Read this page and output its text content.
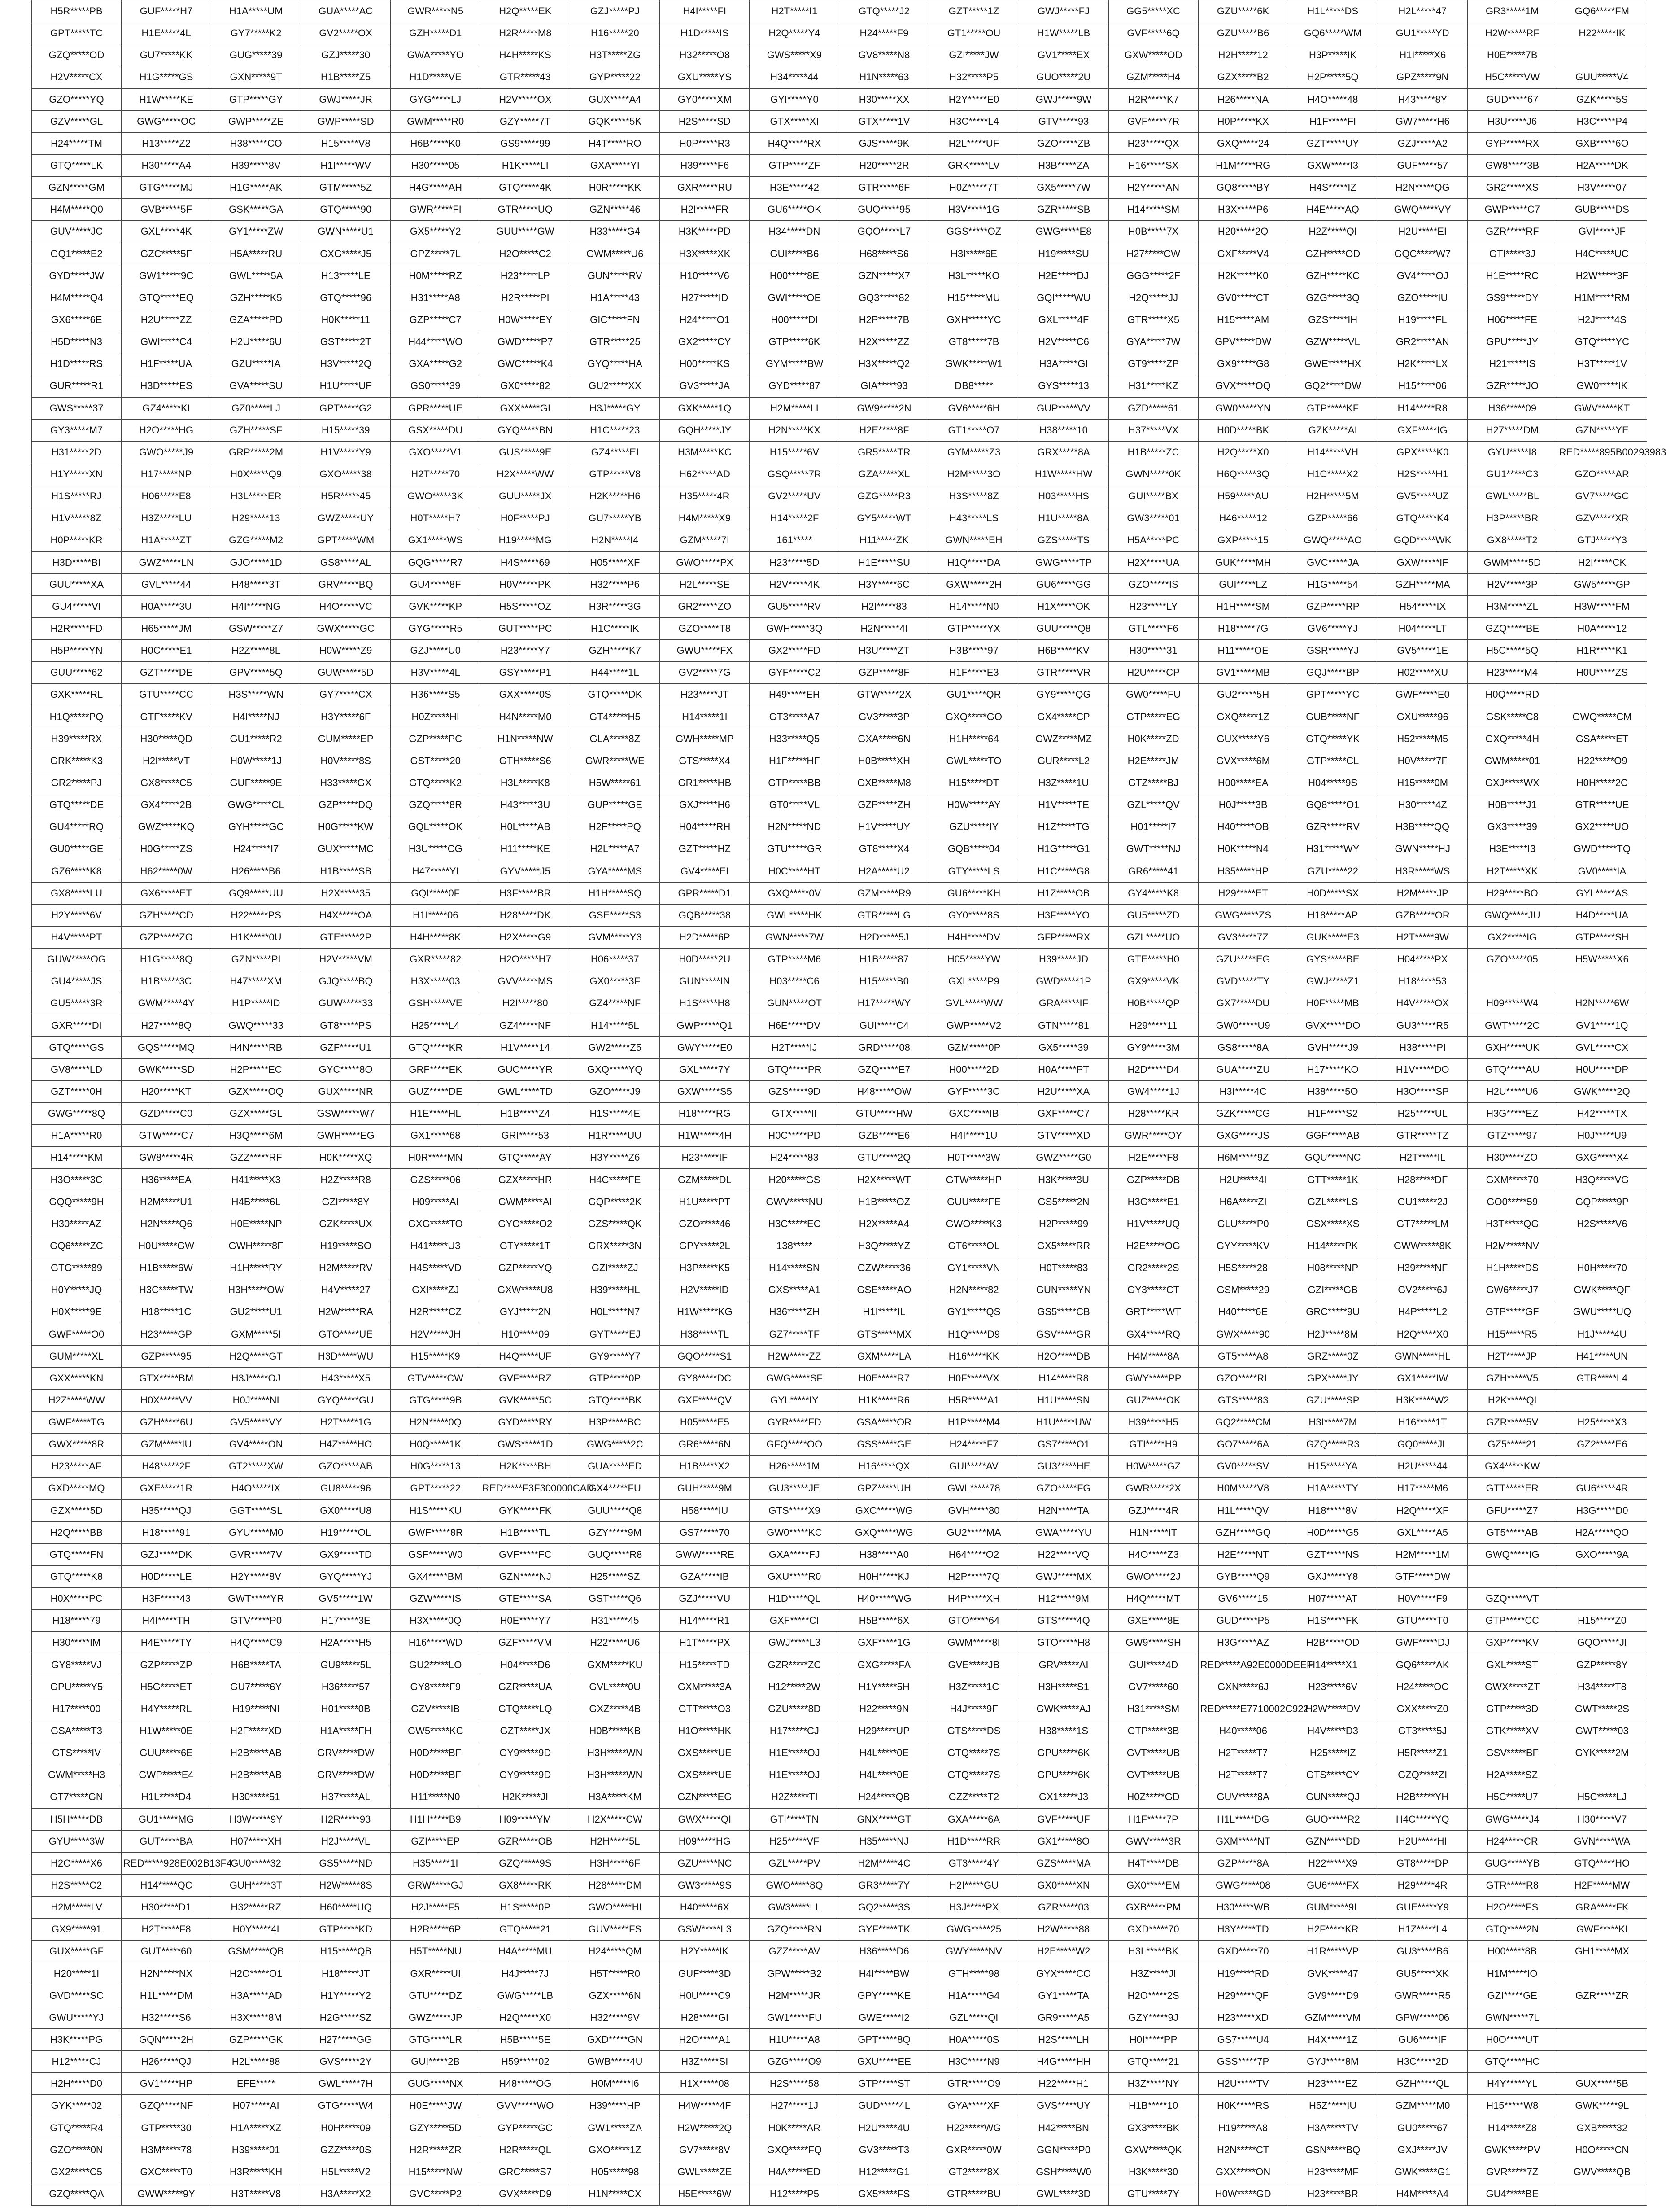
H5R*****PB	GUF*****H7	H1A*****UM	GUA*****AC	GWR*****N5	H2Q*****EK	GZJ*****PJ	H4I*****FI	H2T*****I1	GTQ*****J2	GZT*****1Z	GWJ*****FJ	GG5*****XC	GZU*****6K	H1L*****DS	H2L*****47	GR3*****1M	GQ6*****FM
GPT*****TC	H1E*****4L	GY7*****K2	GV2*****OX	GZH*****D1	H2R*****M8	H16*****20	H1D*****IS	H2Q*****Y4	H24*****F9	GT1*****OU	H1W*****LB	GVF*****6Q	GZU*****B6	GQ6*****WM	GU1*****YD	H2W*****RF	H22*****IK
GZQ*****OD	GU7*****KK	GUG*****39	GZJ*****30	GWA*****YO	H4H*****KS	H3T*****ZG	H32*****O8	GWS*****X9	GV8*****N8	GZI*****JW	GV1*****EX	GXW*****OD	H2H*****12	H3P*****IK	H1I*****X6	H0E*****7B	
H2V*****CX	H1G*****GS	GXN*****9T	H1B*****Z5	H1D*****VE	GTR*****43	GYP*****22	GXU*****YS	H34*****44	H1N*****63	H32*****P5	GUO*****2U	GZM*****H4	GZX*****B2	H2P*****5Q	GPZ*****9N	H5C*****VW	GUU*****V4
GZO*****YQ	H1W*****KE	GTP*****GY	GWJ*****JR	GYG*****LJ	H2V*****OX	GUX*****A4	GY0*****XM	GYI*****Y0	H30*****XX	H2Y*****E0	GWJ*****9W	H2R*****K7	H26*****NA	H4O*****48	H43*****8Y	GUD*****67	GZK*****5S
GZV*****GL	GWG*****OC	GWP*****ZE	GWP*****SD	GWM*****R0	GZY*****7T	GQK*****5K	H2S*****SD	GTX*****XI	GTX*****1V	H3C*****L4	GTV*****93	GVF*****7R	H0P*****KX	H1F*****FI	GW7*****H6	H3U*****J6	H3C*****P4
H24*****TM	H13*****Z2	H38*****CO	H15*****V8	H6B*****K0	GS9*****99	H4T*****RO	H0P*****R3	H4Q*****RX	GJS*****9K	H2L*****UF	GZO*****ZB	H23*****QX	GXQ*****24	GZT*****UY	GZJ*****A2	GYP*****RX	GXB*****6O
GTQ*****LK	H30*****A4	H39*****8V	H1I*****WV	H30*****05	H1K*****LI	GXA*****YI	H39*****F6	GTP*****ZF	H20*****2R	GRK*****LV	H3B*****ZA	H16*****SX	H1M*****RG	GXW*****I3	GUF*****57	GW8*****3B	H2A*****DK
GZN*****GM	GTG*****MJ	H1G*****AK	GTM*****5Z	H4G*****AH	GTQ*****4K	H0R*****KK	GXR*****RU	H3E*****42	GTR*****6F	H0Z*****7T	GX5*****7W	H2Y*****AN	GQ8*****BY	H4S*****IZ	H2N*****QG	GR2*****XS	H3V*****07
H4M*****Q0	GVB*****5F	GSK*****GA	GTQ*****90	GWR*****FI	GTR*****UQ	GZN*****46	H2I*****FR	GU6*****OK	GUQ*****95	H3V*****1G	GZR*****SB	H14*****SM	H3X*****P6	H4E*****AQ	GWQ*****VY	GWP*****C7	GUB*****DS
GUV*****JC	GXL*****4K	GY1*****ZW	GWN*****U1	GX5*****Y2	GUU*****GW	H33*****G4	H3K*****PD	H34*****DN	GQO*****L7	GGS*****OZ	GWG*****E8	H0B*****7X	H20*****2Q	H2Z*****QI	H2U*****EI	GZR*****RF	GVI*****JF
GQ1*****E2	GZC*****5F	H5A*****RU	GXG*****J5	GPZ*****7L	H2O*****C2	GWM*****U6	H3X*****XK	GUI*****B6	H68*****S6	H3I*****6E	H19*****SU	H27*****CW	GXF*****V4	GZH*****OD	GQC*****W7	GTI*****3J	H4C*****UC
GYD*****JW	GW1*****9C	GWL*****5A	H13*****LE	H0M*****RZ	H23*****LP	GUN*****RV	H10*****V6	H00*****8E	GZN*****X7	H3L*****KO	H2E*****DJ	GGG*****2F	H2K*****K0	GZH*****KC	GV4*****OJ	H1E*****RC	H2W*****3F
H4M*****Q4	GTQ*****EQ	GZH*****K5	GTQ*****96	H31*****A8	H2R*****PI	H1A*****43	H27*****ID	GWI*****OE	GQ3*****82	H15*****MU	GQI*****WU	H2Q*****JJ	GV0*****CT	GZG*****3Q	GZO*****IU	GS9*****DY	H1M*****RM
GX6*****6E	H2U*****ZZ	GZA*****PD	H0K*****11	GZP*****C7	H0W*****EY	GIC*****FN	H24*****O1	H00*****DI	H2P*****7B	GXH*****YC	GXL*****4F	GTR*****X5	H15*****AM	GZS*****IH	H19*****FL	H06*****FE	H2J*****4S
H5D*****N3	GWI*****C4	H2U*****6U	GST*****2T	H44*****WO	GWD*****P7	GTR*****25	GX2*****CY	GTP*****6K	H2X*****ZZ	GT8*****7B	H2V*****C6	GYA*****7W	GPV*****DW	GZW*****VL	GR2*****AN	GPU*****JY	GTQ*****YC
H1D*****RS	H1F*****UA	GZU*****IA	H3V*****2Q	GXA*****G2	GWC*****K4	GYQ*****HA	H00*****KS	GYM*****BW	H3X*****Q2	GWK*****W1	H3A*****GI	GT9*****ZP	GX9*****G8	GWE*****HX	H2K*****LX	H21*****IS	H3T*****1V
GUR*****R1	H3D*****ES	GVA*****SU	H1U*****UF	GS0*****39	GX0*****82	GU2*****XX	GV3*****JA	GYD*****87	GIA*****93	DB8*****	GYS*****13	H31*****KZ	GVX*****OQ	GQ2*****DW	H15*****06	GZR*****JO	GW0*****IK
GWS*****37	GZ4*****KI	GZ0*****LJ	GPT*****G2	GPR*****UE	GXX*****GI	H3J*****GY	GXK*****1Q	H2M*****LI	GW9*****2N	GV6*****6H	GUP*****VV	GZD*****61	GW0*****YN	GTP*****KF	H14*****R8	H36*****09	GWV*****KT
GY3*****M7	H2O*****HG	GZH*****SF	H15*****39	GSX*****DU	GYQ*****BN	H1C*****23	GQH*****JY	H2N*****KX	H2E*****8F	GT1*****O7	H38*****10	H37*****VX	H0D*****BK	GZK*****AI	GXF*****IG	H27*****DM	GZN*****YE
H31*****2D	GWO*****J9	GRP*****2M	H1V*****Y9	GXO*****V1	GUS*****9E	GZ4*****EI	H3M*****KC	H15*****6V	GR5*****TR	GYM*****Z3	GRX*****8A	H1B*****ZC	H2Q*****X0	H14*****VH	GPX*****K0	GYU*****I8	RED*****895B00293983
H1Y*****XN	H17*****NP	H0X*****Q9	GXO*****38	H2T*****70	H2X*****WW	GTP*****V8	H62*****AD	GSQ*****7R	GZA*****XL	H2M*****3O	H1W*****HW	GWN*****0K	H6Q*****3Q	H1C*****X2	H2S*****H1	GU1*****C3	GZO*****AR
H1S*****RJ	H06*****E8	H3L*****ER	H5R*****45	GWO*****3K	GUU*****JX	H2K*****H6	H35*****4R	GV2*****UV	GZG*****R3	H3S*****8Z	H03*****HS	GUI*****BX	H59*****AU	H2H*****5M	GV5*****UZ	GWL*****BL	GV7*****GC
H1V*****8Z	H3Z*****LU	H29*****13	GWZ*****UY	H0T*****H7	H0F*****PJ	GU7*****YB	H4M*****X9	H14*****2F	GY5*****WT	H43*****LS	H1U*****8A	GW3*****01	H46*****12	GZP*****66	GTQ*****K4	H3P*****BR	GZV*****XR
H0P*****KR	H1A*****ZT	GZG*****M2	GPT*****WM	GX1*****WS	H19*****MG	H2N*****I4	GZM*****7I	161*****	H11*****ZK	GWN*****EH	GZS*****TS	H5A*****PC	GXP*****15	GWQ*****AO	GQD*****WK	GX8*****T2	GTJ*****Y3
H3D*****BI	GWZ*****LN	GJO*****1D	GS8*****AL	GQG*****R7	H4S*****69	H05*****XF	GWO*****PX	H23*****5D	H1E*****SU	H1Q*****DA	GWG*****TP	H2X*****UA	GUK*****MH	GVC*****JA	GXW*****IF	GWM*****5D	H2I*****CK
GUU*****XA	GVL*****44	H48*****3T	GRV*****BQ	GU4*****8F	H0V*****PK	H32*****P6	H2L*****SE	H2V*****4K	H3Y*****6C	GXW*****2H	GU6*****GG	GZO*****IS	GUI*****LZ	H1G*****54	GZH*****MA	H2V*****3P	GW5*****GP
GU4*****VI	H0A*****3U	H4I*****NG	H4O*****VC	GVK*****KP	H5S*****OZ	H3R*****3G	GR2*****ZO	GU5*****RV	H2I*****83	H14*****N0	H1X*****OK	H23*****LY	H1H*****SM	GZP*****RP	H54*****IX	H3M*****ZL	H3W*****FM
H2R*****FD	H65*****JM	GSW*****Z7	GWX*****GC	GYG*****R5	GUT*****PC	H1C*****IK	GZO*****T8	GWH*****3Q	H2N*****4I	GTP*****YX	GUU*****Q8	GTL*****F6	H18*****7G	GV6*****YJ	H04*****LT	GZQ*****BE	H0A*****12
H5P*****YN	H0C*****E1	H2Z*****8L	H0W*****Z9	GZJ*****U0	H23*****Y7	GZH*****K7	GWU*****FX	GX2*****FD	H3U*****ZT	H3B*****97	H6B*****KV	H30*****31	H11*****OE	GSR*****YJ	GV5*****1E	H5C*****5Q	H1R*****K1
GUU*****62	GZT*****DE	GPV*****5Q	GUW*****5D	H3V*****4L	GSY*****P1	H44*****1L	GV2*****7G	GYF*****C2	GZP*****8F	H1F*****E3	GTR*****VR	H2U*****CP	GV1*****MB	GQJ*****BP	H02*****XU	H23*****M4	H0U*****ZS
GXK*****RL	GTU*****CC	H3S*****WN	GY7*****CX	H36*****S5	GXX*****0S	GTQ*****DK	H23*****JT	H49*****EH	GTW*****2X	GU1*****QR	GY9*****QG	GW0*****FU	GU2*****5H	GPT*****YC	GWF*****E0	H0Q*****RD	
H1Q*****PQ	GTF*****KV	H4I*****NJ	H3Y*****6F	H0Z*****HI	H4N*****M0	GT4*****H5	H14*****1I	GT3*****A7	GV3*****3P	GXQ*****GO	GX4*****CP	GTP*****EG	GXQ*****1Z	GUB*****NF	GXU*****96	GSK*****C8	GWQ*****CM
H39*****RX	H30*****QD	GU1*****R2	GUM*****EP	GZP*****PC	H1N*****NW	GLA*****8Z	GWH*****MP	H33*****Q5	GXA*****6N	H1H*****64	GWZ*****MZ	H0K*****ZD	GUX*****Y6	GTQ*****YK	H52*****M5	GXQ*****4H	GSA*****ET
GRK*****K3	H2I*****VT	H0W*****1J	H0V*****8S	GST*****20	GTH*****S6	GWR*****WE	GTS*****X4	H1F*****HF	H0B*****XH	GWL*****TO	GUR*****L2	H2E*****JM	GVX*****6M	GTP*****CL	H0V*****7F	GWM*****01	H22*****O9
GR2*****PJ	GX8*****C5	GUF*****9E	H33*****GX	GTQ*****K2	H3L*****K8	H5W*****61	GR1*****HB	GTP*****BB	GXB*****M8	H15*****DT	H3Z*****1U	GTZ*****BJ	H00*****EA	H04*****9S	H15*****0M	GXJ*****WX	H0H*****2C
GTQ*****DE	GX4*****2B	GWG*****CL	GZP*****DQ	GZQ*****8R	H43*****3U	GUP*****GE	GXJ*****H6	GT0*****VL	GZP*****ZH	H0W*****AY	H1V*****TE	GZL*****QV	H0J*****3B	GQ8*****O1	H30*****4Z	H0B*****J1	GTR*****UE
GU4*****RQ	GWZ*****KQ	GYH*****GC	H0G*****KW	GQL*****OK	H0L*****AB	H2F*****PQ	H04*****RH	H2N*****ND	H1V*****UY	GZU*****IY	H1Z*****TG	H01*****I7	H40*****OB	GZR*****RV	H3B*****QQ	GX3*****39	GX2*****UO
GU0*****GE	H0G*****ZS	H24*****I7	GUX*****MC	H3U*****CG	H11*****KE	H2L*****A7	GZT*****HZ	GTU*****GR	GT8*****X4	GQB*****04	H1G*****G1	GWT*****NJ	H0K*****N4	H31*****WY	GWN*****HJ	H3E*****I3	GWD*****TQ
GZ6*****K8	H62*****0W	H26*****B6	H1B*****SB	H47*****YI	GYV*****J5	GYA*****MS	GV4*****EI	H0C*****HT	H2A*****U2	GTY*****LS	H1C*****G8	GR6*****41	H35*****HP	GZU*****22	H3R*****WS	H2T*****XK	GV0*****IA
GX8*****LU	GX6*****ET	GQ9*****UU	H2X*****35	GQI*****0F	H3F*****BR	H1H*****SQ	GPR*****D1	GXQ*****0V	GZM*****R9	GU6*****KH	H1Z*****OB	GY4*****K8	H29*****ET	H0D*****SX	H2M*****JP	H29*****BO	GYL*****AS
H2Y*****6V	GZH*****CD	H22*****PS	H4X*****OA	H1I*****06	H28*****DK	GSE*****S3	GQB*****38	GWL*****HK	GTR*****LG	GY0*****8S	H3F*****YO	GU5*****ZD	GWG*****ZS	H18*****AP	GZB*****OR	GWQ*****JU	H4D*****UA
H4V*****PT	GZP*****ZO	H1K*****0U	GTE*****2P	H4H*****8K	H2X*****G9	GVM*****Y3	H2D*****6P	GWN*****7W	H2D*****5J	H4H*****DV	GFP*****RX	GZL*****UO	GV3*****7Z	GUK*****E3	H2T*****9W	GX2*****IG	GTP*****SH
GUW*****OG	H1G*****8Q	GZN*****PI	H2V*****VM	GXR*****82	H2O*****H7	H06*****37	H0D*****2U	GTP*****M6	H1B*****87	H05*****YW	H39*****JD	GTE*****H0	GZU*****EG	GYS*****BE	H04*****PX	GZO*****05	H5W*****X6
GU4*****JS	H1B*****3C	H47*****XM	GJQ*****BQ	H3X*****03	GVV*****MS	GX0*****3F	GUN*****IN	H03*****C6	H15*****B0	GXL*****P9	GWD*****1P	GX9*****VK	GVD*****TY	GWJ*****Z1	H18*****53		
GU5*****3R	GWM*****4Y	H1P*****ID	GUW*****33	GSH*****VE	H2I*****80	GZ4*****NF	H1S*****H8	GUN*****OT	H17*****WY	GVL*****WW	GRA*****IF	H0B*****QP	GX7*****DU	H0F*****MB	H4V*****OX	H09*****W4	H2N*****6W
GXR*****DI	H27*****8Q	GWQ*****33	GT8*****PS	H25*****L4	GZ4*****NF	H14*****5L	GWP*****Q1	H6E*****DV	GUI*****C4	GWP*****V2	GTN*****81	H29*****11	GW0*****U9	GVX*****DO	GU3*****R5	GWT*****2C	GV1*****1Q
GTQ*****GS	GQS*****MQ	H4N*****RB	GZF*****U1	GTQ*****KR	H1V*****14	GW2*****Z5	GWY*****E0	H2T*****IJ	GRD*****08	GZM*****0P	GX5*****39	GY9*****3M	GS8*****8A	GVH*****J9	H38*****PI	GXH*****UK	GVL*****CX
GV8*****LD	GWK*****SD	H2P*****EC	GYC*****8O	GRF*****EK	GUC*****YR	GXQ*****YQ	GXL*****7Y	GTQ*****PR	GZQ*****E7	H00*****2D	H0A*****PT	H2D*****D4	GUA*****ZU	H17*****KO	H1V*****DO	GTQ*****AU	H0U*****DP
GZT*****0H	H20*****KT	GZX*****OQ	GUX*****NR	GUZ*****DE	GWL*****TD	GZO*****J9	GXW*****S5	GZS*****9D	H48*****OW	GYF*****3C	H2U*****XA	GW4*****1J	H3I*****4C	H38*****5O	H3O*****SP	H2U*****U6	GWK*****2Q
GWG*****8Q	GZD*****C0	GZX*****GL	GSW*****W7	H1E*****HL	H1B*****Z4	H1S*****4E	H18*****RG	GTX*****II	GTU*****HW	GXC*****IB	GXF*****C7	H28*****KR	GZK*****CG	H1F*****S2	H25*****UL	H3G*****EZ	H42*****TX
H1A*****R0	GTW*****C7	H3Q*****6M	GWH*****EG	GX1*****68	GRI*****53	H1R*****UU	H1W*****4H	H0C*****PD	GZB*****E6	H4I*****1U	GTV*****XD	GWR*****OY	GXG*****JS	GGF*****AB	GTR*****TZ	GTZ*****97	H0J*****U9
H14*****KM	GW8*****4R	GZZ*****RF	H0K*****XQ	H0R*****MN	GTQ*****AY	H3Y*****Z6	H23*****IF	H24*****83	GTU*****2Q	H0T*****3W	GWZ*****G0	H2E*****F8	H6M*****9Z	GQU*****NC	H2T*****IL	H30*****ZO	GXG*****X4
H3O*****3C	H36*****EA	H41*****X3	H2Z*****R8	GZS*****06	GZX*****HR	H4C*****FE	GZM*****DL	H20*****GS	H2X*****WT	GTW*****HP	H3K*****3U	GZP*****DB	H2U*****4I	GTT*****1K	H28*****DF	GXM*****70	H3Q*****VG
GQQ*****9H	H2M*****U1	H4B*****6L	GZI*****8Y	H09*****AI	GWM*****AI	GQP*****2K	H1U*****PT	GWV*****NU	H1B*****OZ	GUU*****FE	GS5*****2N	H3G*****E1	H6A*****ZI	GZL*****LS	GU1*****2J	GO0*****59	GQP*****9P
H30*****AZ	H2N*****Q6	H0E*****NP	GZK*****UX	GXG*****TO	GYO*****O2	GZS*****QK	GZO*****46	H3C*****EC	H2X*****A4	GWO*****K3	H2P*****99	H1V*****UQ	GLU*****P0	GSX*****XS	GT7*****LM	H3T*****QG	H2S*****V6
GQ6*****ZC	H0U*****GW	GWH*****8F	H19*****SO	H41*****U3	GTY*****1T	GRX*****3N	GPY*****2L	138*****	H3Q*****YZ	GT6*****OL	GX5*****RR	H2E*****OG	GYY*****KV	H14*****PK	GWW*****8K	H2M*****NV	
GTG*****89	H1B*****6W	H1H*****RY	H2M*****RV	H4S*****VD	GZP*****YQ	GZI*****ZJ	H3P*****K5	H14*****SN	GZW*****36	GY1*****VN	H0T*****83	GR2*****2S	H5S*****28	H08*****NP	H39*****NF	H1H*****DS	H0H*****70
H0Y*****JQ	H3C*****TW	H3H*****OW	H4V*****27	GXI*****ZJ	GXW*****U8	H39*****HL	H2V*****ID	GXS*****A1	GSE*****AO	H2N*****82	GUN*****YN	GY3*****CT	GSM*****29	GZI*****GB	GV2*****6J	GW6*****J7	GWK*****QF
H0X*****9E	H18*****1C	GU2*****U1	H2W*****RA	H2R*****CZ	GYJ*****2N	H0L*****N7	H1W*****KG	H36*****ZH	H1I*****IL	GY1*****QS	GS5*****CB	GRT*****WT	H40*****6E	GRC*****9U	H4P*****L2	GTP*****GF	GWU*****UQ
GWF*****O0	H23*****GP	GXM*****5I	GTO*****UE	H2V*****JH	H10*****09	GYT*****EJ	H38*****TL	GZ7*****TF	GTS*****MX	H1Q*****D9	GSV*****GR	GX4*****RQ	GWX*****90	H2J*****8M	H2Q*****X0	H15*****R5	H1J*****4U
GUM*****XL	GZP*****95	H2Q*****GT	H3D*****WU	H15*****K9	H4Q*****UF	GY9*****Y7	GQO*****S1	H2W*****ZZ	GXM*****LA	H16*****KK	H2O*****DB	H4M*****8A	GT5*****A8	GRZ*****0Z	GWN*****HL	H2T*****JP	H41*****UN
GXX*****KN	GTX*****BM	H3J*****OJ	H43*****X5	GTV*****CW	GVF*****RZ	GTP*****0P	GY8*****DC	GWG*****SF	H0E*****R7	H0F*****VX	H14*****R8	GWY*****PP	GZO*****RL	GPX*****JY	GX1*****IW	GZH*****V5	GTR*****L4
H2Z*****WW	H0X*****VV	H0J*****NI	GYQ*****GU	GTG*****9B	GVK*****5C	GTQ*****BK	GXF*****QV	GYL*****IY	H1K*****R6	H5R*****A1	H1U*****SN	GUZ*****OK	GTS*****83	GZU*****SP	H3K*****W2	H2K*****QI	
GWF*****TG	GZH*****6U	GV5*****VY	H2T*****1G	H2N*****0Q	GYD*****RY	H3P*****BC	H05*****E5	GYR*****FD	GSA*****OR	H1P*****M4	H1U*****UW	H39*****H5	GQ2*****CM	H3I*****7M	H16*****1T	GZR*****5V	H25*****X3
GWX*****8R	GZM*****IU	GV4*****ON	H4Z*****HO	H0Q*****1K	GWS*****1D	GWG*****2C	GR6*****6N	GFQ*****OO	GSS*****GE	H24*****F7	GS7*****O1	GTI*****H9	GO7*****6A	GZQ*****R3	GQ0*****JL	GZ5*****21	GZ2*****E6
H23*****AF	H48*****2F	GT2*****XW	GZO*****AB	H0G*****13	H2K*****BH	GUA*****ED	H1B*****X2	H26*****1M	H16*****QX	GUI*****AV	GU3*****HE	H0W*****GZ	GV0*****SV	H15*****YA	H2U*****44	GX4*****KW	
GXD*****MQ	GXE*****1R	H4O*****IX	GU8*****96	GPT*****22	RED*****F3F300000CAD	GX4*****FU	GUH*****9M	GU3*****JE	GPZ*****UH	GWL*****78	GZO*****FG	GWR*****2X	H0M*****V8	H1A*****TY	H17*****M6	GTT*****ER	GU6*****4R
GZX*****5D	H35*****QJ	GGT*****SL	GX0*****U8	H1S*****KU	GYK*****FK	GUU*****Q8	H58*****IU	GTS*****X9	GXC*****WG	GVH*****80	H2N*****TA	GZJ*****4R	H1L*****QV	H18*****8V	H2Q*****XF	GFU*****Z7	H3G*****D0
H2Q*****BB	H18*****91	GYU*****M0	H19*****OL	GWF*****8R	H1B*****TL	GZY*****9M	GS7*****70	GW0*****KC	GXQ*****WG	GU2*****MA	GWA*****YU	H1N*****IT	GZH*****GQ	H0D*****G5	GXL*****A5	GT5*****AB	H2A*****QO
GTQ*****FN	GZJ*****DK	GVR*****7V	GX9*****TD	GSF*****W0	GVF*****FC	GUQ*****R8	GWW*****RE	GXA*****FJ	H38*****A0	H64*****O2	H22*****VQ	H4O*****Z3	H2E*****NT	GZT*****NS	H2M*****1M	GWQ*****IG	GXO*****9A
GTQ*****K8	H0D*****LE	H2Y*****8V	GYQ*****YJ	GX4*****BM	GZN*****NJ	H25*****SZ	GZA*****IB	GXU*****R0	H0H*****KJ	H2P*****7Q	GWJ*****MX	GWO*****2J	GYB*****Q9	GXJ*****Y8	GTF*****DW		
H0X*****PC	H3F*****43	GWT*****YR	GV5*****1W	GZW*****IS	GTE*****SA	GST*****Q6	GZJ*****VU	H1D*****QL	H40*****WG	H4P*****XH	H12*****9M	H4Q*****MT	GV6*****15	H07*****AT	H0V*****F9	GZQ*****VT	
H18*****79	H4I*****TH	GTV*****P0	H17*****3E	H3X*****0Q	H0E*****Y7	H31*****45	H14*****R1	GXF*****CI	H5B*****6X	GTO*****64	GTS*****4Q	GXE*****8E	GUD*****P5	H1S*****FK	GTU*****T0	GTP*****CC	H15*****Z0
H30*****IM	H4E*****TY	H4Q*****C9	H2A*****H5	H16*****WD	GZF*****VM	H22*****U6	H1T*****PX	GWJ*****L3	GXF*****1G	GWM*****8I	GTO*****H8	GW9*****SH	H3G*****AZ	H2B*****OD	GWF*****DJ	GXP*****KV	GQO*****JI
GY8*****VJ	GZP*****ZP	H6B*****TA	GU9*****5L	GU2*****LO	H04*****D6	GXM*****KU	H15*****TD	GZR*****ZC	GXG*****FA	GVE*****JB	GRV*****AI	GUI*****4D	RED*****A92E0000DEEF	H14*****X1	GQ6*****AK	GXL*****ST	GZP*****8Y
GPU*****Y5	H5G*****ET	GU7*****6Y	H36*****57	GY8*****F9	GZR*****UA	GVL*****0U	GXM*****3A	H12*****2W	H1Y*****5H	H3Z*****1C	H3H*****S1	GV7*****60	GXN*****6J	H23*****6V	H24*****OC	GWX*****ZT	H34*****T8
H17*****00	H4Y*****RL	H19*****NI	H01*****0B	GZV*****IB	GTQ*****LQ	GXZ*****4B	GTT*****O3	GZU*****8D	H22*****9N	H4J*****9F	GWK*****AJ	H31*****SM	RED*****E7710002C922	H2W*****DV	GXX*****Z0	GTP*****3D	GWT*****2S
GSA*****T3	H1W*****0E	H2F*****XD	H1A*****FH	GW5*****KC	GZT*****JX	H0B*****KB	H1O*****HK	H17*****CJ	H29*****UP	GTS*****DS	H38*****1S	GTP*****3B	H40*****06	H4V*****D3	GT3*****5J	GTK*****XV	GWT*****03
GTS*****IV	GUU*****6E	H2B*****AB	GRV*****DW	H0D*****BF	GY9*****9D	H3H*****WN	GXS*****UE	H1E*****OJ	H4L*****0E	GTQ*****7S	GPU*****6K	GVT*****UB	H2T*****T7	H25*****IZ	H5R*****Z1	GSV*****BF	GYK*****2M
GWM*****H3	GWP*****E4	H2B*****AB	GRV*****DW	H0D*****BF	GY9*****9D	H3H*****WN	GXS*****UE	H1E*****OJ	H4L*****0E	GTQ*****7S	GPU*****6K	GVT*****UB	H2T*****T7	GTS*****CY	GZQ*****ZI	H2A*****SZ	
GT7*****GN	H1L*****D4	H30*****51	H37*****AL	H11*****N0	H2K*****JI	H3A*****KM	GZN*****EG	H2Z*****TI	H24*****QB	GZZ*****T2	GX1*****J3	H0Z*****GD	GUV*****8A	GUN*****QJ	H2B*****YH	H5C*****U7	H5C*****LJ
H5H*****DB	GU1*****MG	H3W*****9Y	H2R*****93	H1H*****B9	H09*****YM	H2X*****CW	GWX*****QI	GTI*****TN	GNX*****GT	GXA*****6A	GVF*****UF	H1F*****7P	H1L*****DG	GUO*****R2	H4C*****YQ	GWG*****J4	H30*****V7
GYU*****3W	GUT*****BA	H07*****XH	H2J*****VL	GZI*****EP	GZR*****OB	H2H*****5L	H09*****HG	H25*****VF	H35*****NJ	H1D*****RR	GX1*****8O	GWV*****3R	GXM*****NT	GZN*****DD	H2U*****HI	H24*****CR	GVN*****WA
H2O*****X6	RED*****928E002B13F4	GU0*****32	GS5*****ND	H35*****1I	GZQ*****9S	H3H*****6F	GZU*****NC	GZL*****PV	H2M*****4C	GT3*****4Y	GZS*****MA	H4T*****DB	GZP*****8A	H22*****X9	GT8*****DP	GUG*****YB	GTQ*****HO
H2S*****C2	H14*****QC	GUH*****3T	H2W*****8S	GRW*****GJ	GX8*****RK	H28*****DM	GW3*****9S	GWO*****8Q	GR3*****7Y	H2I*****GU	GX0*****XN	GX0*****EM	GWG*****08	GU6*****FX	H29*****4R	GTR*****R8	H2F*****MW
H2M*****LV	H30*****D1	H32*****RZ	H60*****UQ	H2J*****F5	H1S*****0P	GWO*****HI	H40*****6X	GW3*****LL	GQ2*****3S	H3J*****PX	GZR*****03	GXB*****PM	H30*****WB	GUM*****9L	GUE*****Y9	H2O*****FS	GRA*****FK
GX9*****91	H2T*****F8	H0Y*****4I	GTP*****KD	H2R*****6P	GTQ*****21	GUV*****FS	GSW*****L3	GZQ*****RN	GYF*****TK	GWG*****25	H2W*****88	GXD*****70	H3Y*****TD	H2F*****KR	H1Z*****L4	GTQ*****2N	GWF*****KI
GUX*****GF	GUT*****60	GSM*****QB	H15*****QB	H5T*****NU	H4A*****MU	H24*****QM	H2Y*****IK	GZZ*****AV	H36*****D6	GWY*****NV	H2E*****W2	H3L*****BK	GXD*****70	H1R*****VP	GU3*****B6	H00*****8B	GH1*****MX
H20*****1I	H2N*****NX	H2O*****O1	H18*****JT	GXR*****UI	H4J*****7J	H5T*****R0	GUF*****3D	GPW*****B2	H4I*****BW	GTH*****98	GYX*****CO	H3Z*****JI	H19*****RD	GVK*****47	GU5*****XK	H1M*****IO	
GVD*****SC	H1L*****DM	H3A*****AD	H1Y*****Y2	GTU*****DZ	GWG*****LB	GZX*****6N	H0U*****C9	H2M*****JR	GPY*****KE	H1A*****G4	GY1*****TA	H2O*****2S	H29*****QF	GV9*****D9	GWR*****R5	GZI*****GE	GZR*****ZR
GWU*****YJ	H32*****S6	H3X*****8M	H2G*****SZ	GWZ*****JP	H2Q*****X0	H32*****9V	H28*****GI	GW1*****FU	GWE*****I2	GZL*****QI	GR9*****A5	GZY*****9J	H23*****XD	GZM*****VM	GPW*****06	GWN*****7L	
H3K*****PG	GQN*****2H	GZP*****GK	H27*****GG	GTG*****LR	H5B*****5E	GXD*****GN	H2O*****A1	H1U*****A8	GPT*****8Q	H0A*****0S	H2S*****LH	H0I*****PP	GS7*****U4	H4X*****1Z	GU6*****IF	H0O*****UT	
H12*****CJ	H26*****QJ	H2L*****88	GVS*****2Y	GUI*****2B	H59*****02	GWB*****4U	H3Z*****SI	GZG*****O9	GXU*****EE	H3C*****N9	H4G*****HH	GTQ*****21	GSS*****7P	GYJ*****8M	H3C*****2D	GTQ*****HC	
H2H*****D0	GV1*****HP	EFE*****	GWL*****7H	GUG*****NX	H48*****OG	H0M*****I6	H1X*****08	H2S*****58	GTP*****ST	GTR*****O9	H22*****H1	H3Z*****NY	H2U*****TV	H23*****EZ	GZH*****QL	H4Y*****YL	GUX*****5B
GYK*****02	GZQ*****NF	H07*****AI	GTG*****W4	H0E*****JW	GVV*****WO	H39*****HP	H4W*****4F	H27*****1J	GUD*****4L	GYA*****XF	GVS*****UY	H1B*****10	H0K*****RS	H5Z*****IU	GZM*****M0	H15*****W8	GWK*****9L
GTQ*****R4	GTP*****30	H1A*****XZ	H0H*****09	GZY*****5D	GYP*****GC	GW1*****ZA	H2W*****2Q	H0K*****AR	H2U*****4U	H22*****WG	H42*****BN	GX3*****BK	H19*****A8	H3A*****TV	GU0*****67	H14*****Z8	GXB*****32
GZO*****0N	H3M*****78	H39*****01	GZZ*****0S	H2R*****ZR	H2R*****QL	GXO*****1Z	GV7*****8V	GXQ*****FQ	GV3*****T3	GXR*****0W	GGN*****P0	GXW*****QK	H2N*****CT	GSN*****BQ	GXJ*****JV	GWK*****PV	H0O*****CN
GX2*****C5	GXC*****T0	H3R*****KH	H5L*****V2	H15*****NW	GRC*****S7	H05*****98	GWL*****ZE	H4A*****ED	H12*****G1	GT2*****8X	GSH*****W0	H3K*****30	GXX*****ON	H23*****MF	GWK*****G1	GVR*****7Z	GWV*****QB
GZQ*****QA	GWW*****9Y	H3T*****V8	H3A*****X2	GVC*****P2	GVX*****D9	H1N*****CX	H5E*****6W	H12*****P5	GX5*****FS	GTR*****BU	GWL*****3D	GTU*****7Y	H0W*****GD	H23*****BR	H4M*****A4	GU4*****BE	
